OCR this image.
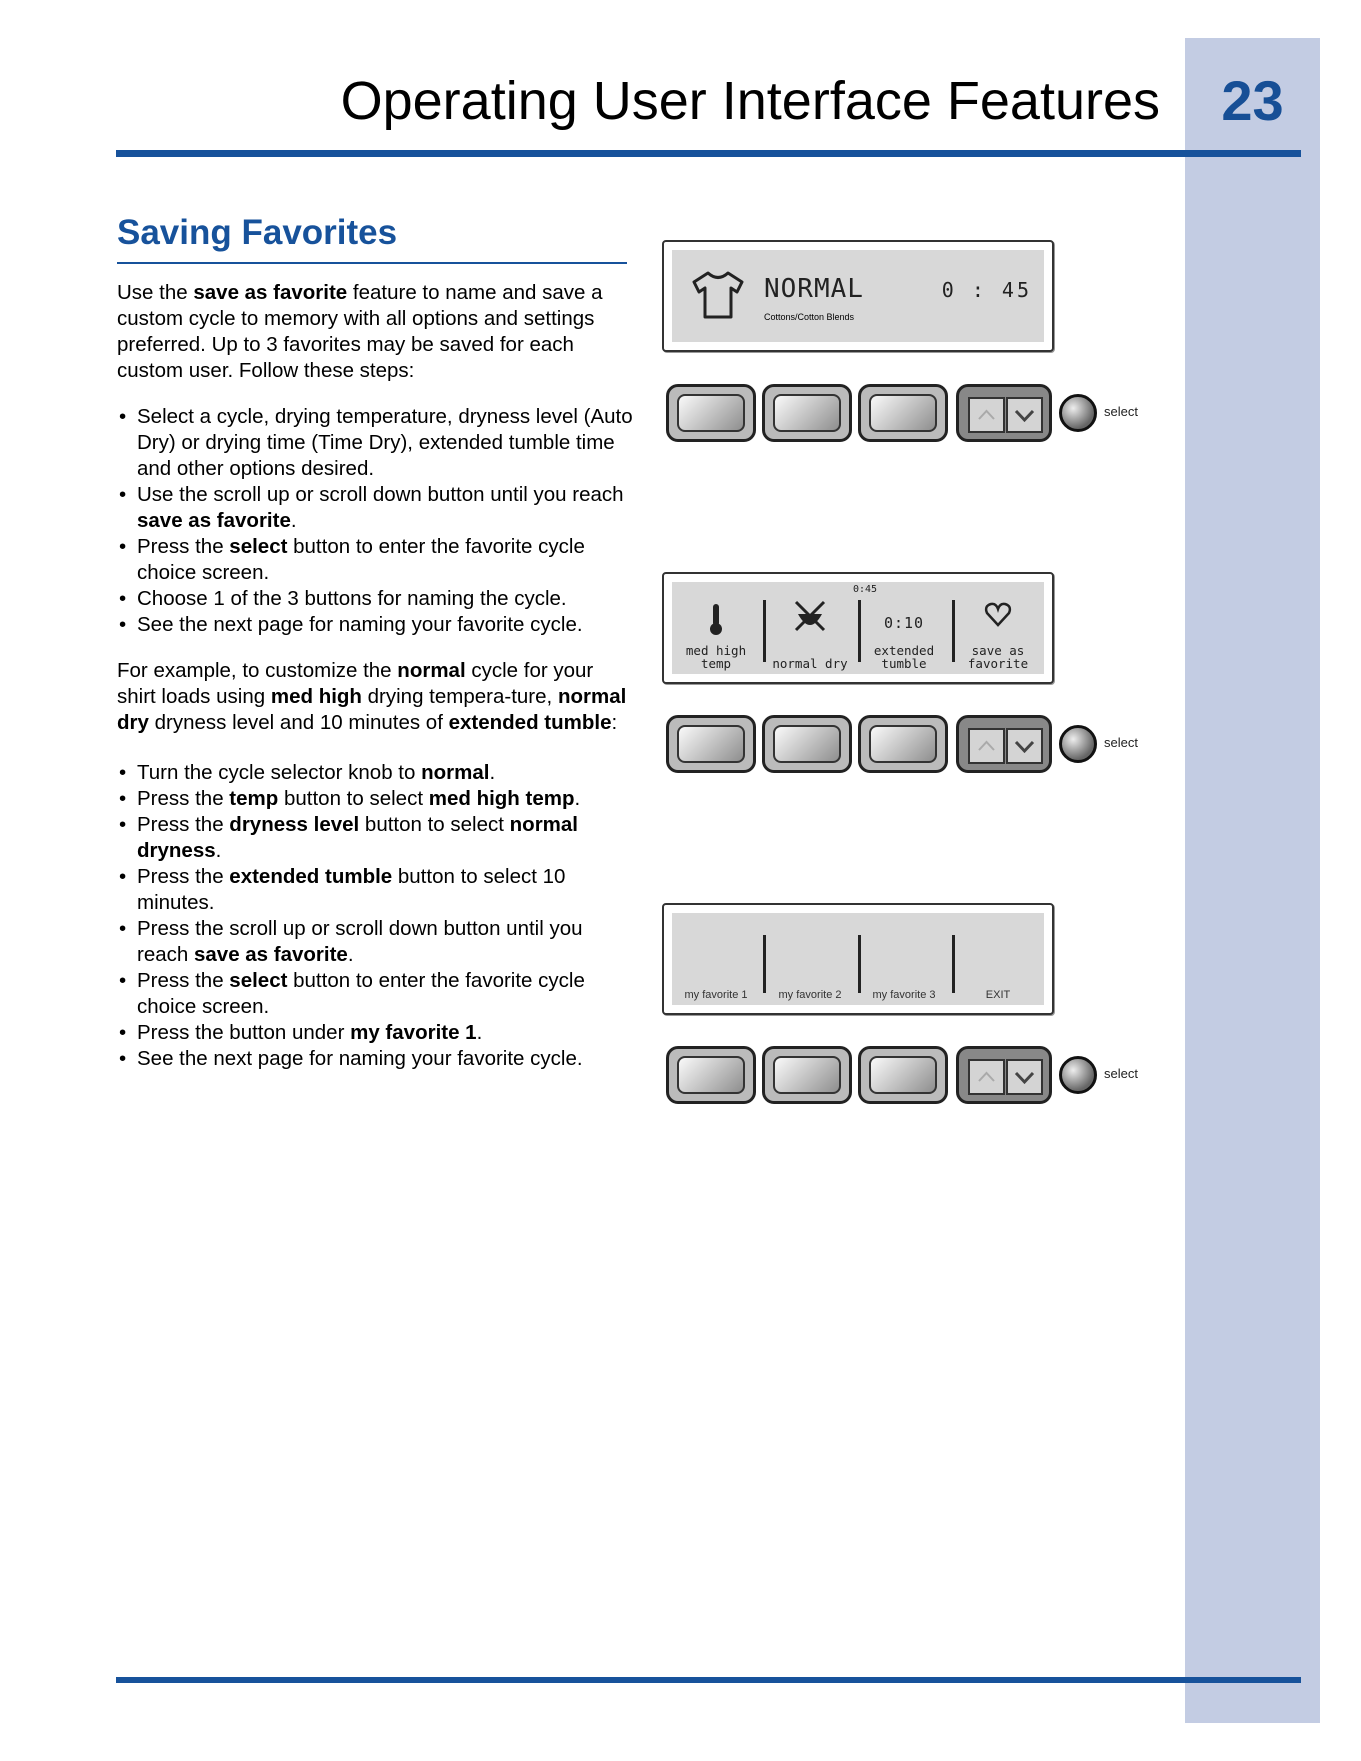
Operating User Interface Features	23
Saving Favorites

Use the save as favorite feature to name and save a custom cycle to memory with all options and settings preferred. Up to 3 favorites may be saved for each custom user. Follow these steps:

• Select a cycle, drying temperature, dryness level (Auto Dry) or drying time (Time Dry), extended tumble time and other options desired.
• Use the scroll up or scroll down button until you reach save as favorite.
• Press the select button to enter the favorite cycle choice screen.
• Choose 1 of the 3 buttons for naming the cycle.
• See the next page for naming your favorite cycle.

For example, to customize the normal cycle for your shirt loads using med high drying tempera-ture, normal dry dryness level and 10 minutes of extended tumble:

• Turn the cycle selector knob to normal.
• Press the temp button to select med high temp.
• Press the dryness level button to select normal dryness.
• Press the extended tumble button to select 10 minutes.
• Press the scroll up or scroll down button until you reach save as favorite.
• Press the select button to enter the favorite cycle choice screen.
• Press the button under my favorite 1.
• See the next page for naming your favorite cycle.
NORMAL
Cottons/Cotton Blends
0 : 45
select
0:45
med high temp	normal dry
0:10
extended tumble
save as favorite
select
my favorite 1	my favorite 2	my favorite 3	EXIT
select
